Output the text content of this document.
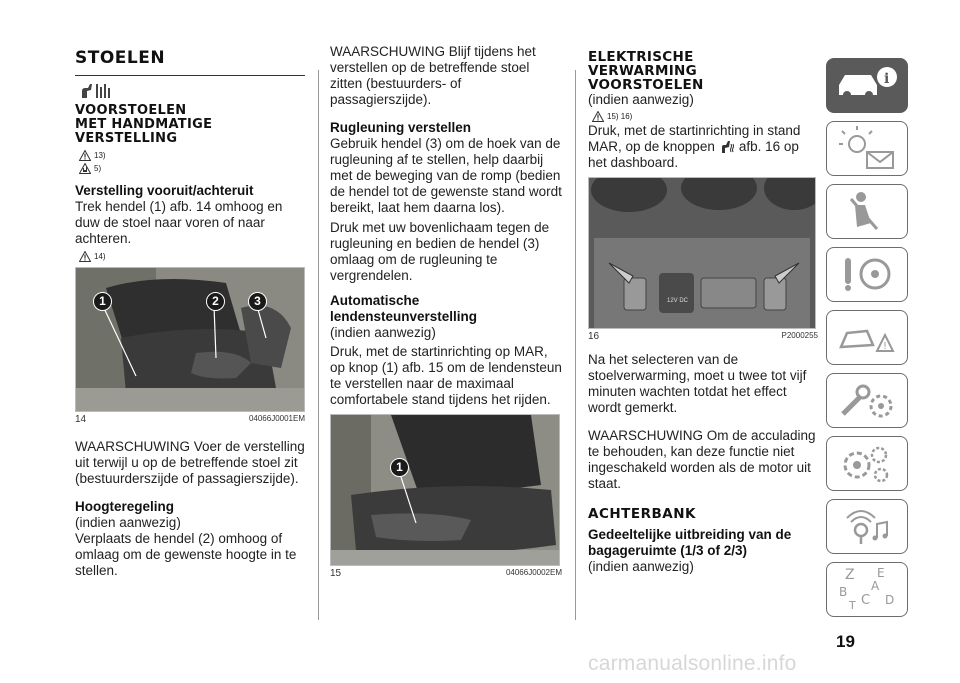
STOELEN
VOORSTOELEN
MET HANDMATIGE
VERSTELLING
13)
5)
Verstelling vooruit/achteruit
Trek hendel (1) afb. 14 omhoog en duw de stoel naar voren of naar achteren.
14)
1	2	3
14	04066J0001EM
WAARSCHUWING Voer de verstelling uit terwijl u op de betreffende stoel zit (bestuurderszijde of passagierszijde).
Hoogteregeling
(indien aanwezig)
Verplaats de hendel (2) omhoog of omlaag om de gewenste hoogte in te stellen.
WAARSCHUWING Blijf tijdens het verstellen op de betreffende stoel zitten (bestuurders- of passagierszijde).
Rugleuning verstellen
Gebruik hendel (3) om de hoek van de rugleuning af te stellen, help daarbij met de beweging van de romp (bedien de hendel tot de gewenste stand wordt bereikt, laat hem daarna los).
Druk met uw bovenlichaam tegen de rugleuning en bedien de hendel (3) omlaag om de rugleuning te vergrendelen.
Automatische
lendensteunverstelling
(indien aanwezig)
Druk, met de startinrichting op MAR, op knop (1) afb. 15 om de lendensteun te verstellen naar de maximaal comfortabele stand tijdens het rijden.
1
15	04066J0002EM
ELEKTRISCHE
VERWARMING
VOORSTOELEN
(indien aanwezig)
15) 16)
Druk, met de startinrichting in stand
MAR, op de knoppen afb. 16 op
het dashboard.
12V DC
16	P2000255
Na het selecteren van de stoelverwarming, moet u twee tot vijf minuten wachten totdat het effect wordt gemerkt.
WAARSCHUWING Om de acculading te behouden, kan deze functie niet ingeschakeld worden als de motor uit staat.
ACHTERBANK
Gedeeltelijke uitbreiding van de
bagageruimte (1/3 of 2/3)
(indien aanwezig)
i
!
Z E
B
C D
A
T
19
carmanualsonline.info
